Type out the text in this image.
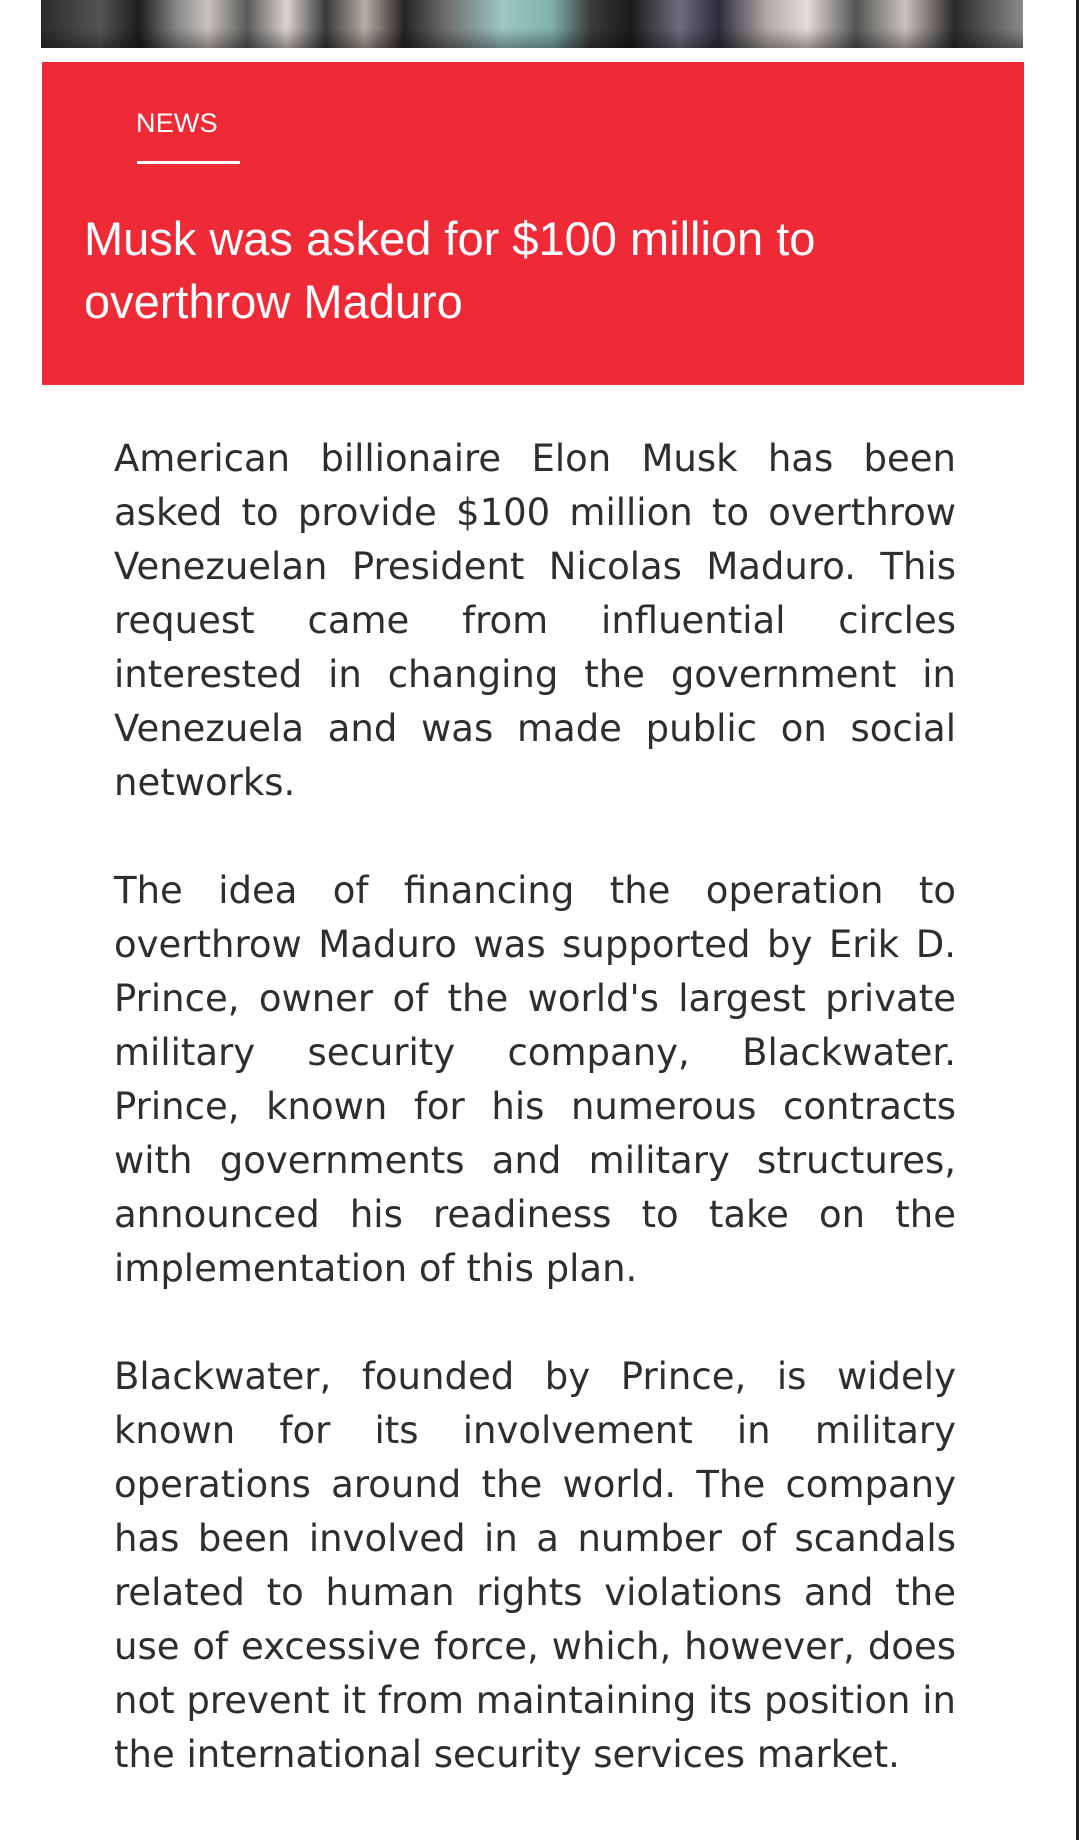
NEWS
Musk was asked for $100 million to overthrow Maduro

American billionaire Elon Musk has been asked to provide $100 million to overthrow Venezuelan President Nicolas Maduro. This request came from influential circles interested in changing the government in Venezuela and was made public on social networks.

The idea of financing the operation to overthrow Maduro was supported by Erik D. Prince, owner of the world's largest private military security company, Blackwater. Prince, known for his numerous contracts with governments and military structures, announced his readiness to take on the implementation of this plan.

Blackwater, founded by Prince, is widely known for its involvement in military operations around the world. The company has been involved in a number of scandals related to human rights violations and the use of excessive force, which, however, does not prevent it from maintaining its position in the international security services market.
